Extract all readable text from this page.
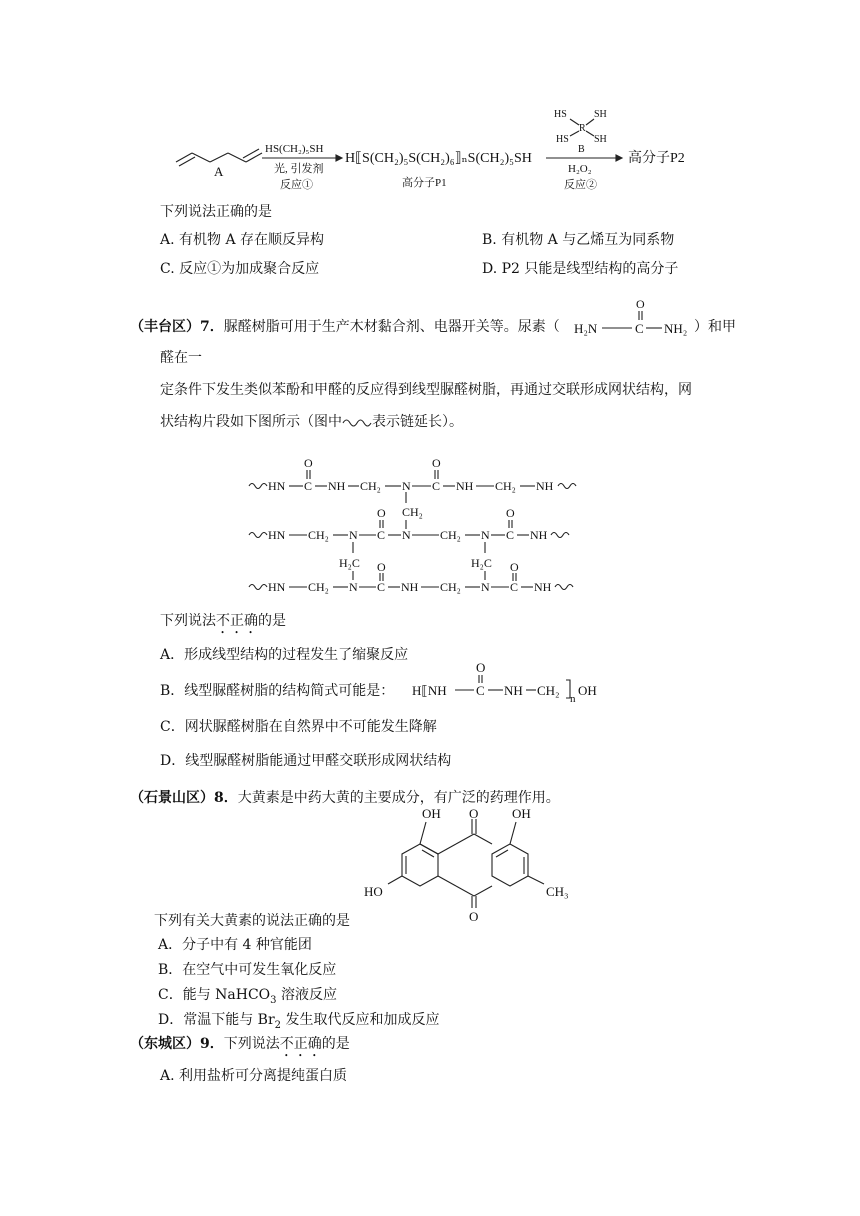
A
HS(CH₂)₅SH
光, 引发剂
反应①
H⟦S(CH₂)₅S(CH₂)₆⟧ₙS(CH₂)₅SH
高分子P1
HS	SH
R
HS	SH
B
H₂O₂
反应②
高分子P2
下列说法正确的是
A. 有机物 A 存在顺反异构	B. 有机物 A 与乙烯互为同系物
C. 反应①为加成聚合反应	D. P2 只能是线型结构的高分子
（丰台区）7．脲醛树脂可用于生产木材黏合剂、电器开关等。尿素（
O
H₂N	C NH₂ ）和甲
醛在一
定条件下发生类似苯酚和甲醛的反应得到线型脲醛树脂，再通过交联形成网状结构，网
状结构片段如下图所示（图中 表示链延长）。
HN
O
C NH CH₂ N
O
C NH CH₂ NH
CH₂
HN CH₂ N
O
C N CH₂ N
O
C NH
H₂C	H₂C
HN CH₂ N
O
C NH CH₂ N
O
C NH
下列说法不正确的是
A．形成线型结构的过程发生了缩聚反应
B．线型脲醛树脂的结构简式可能是： H⟦NH
O
C NH CH₂
n
OH
C．网状脲醛树脂在自然界中不可能发生降解
D．线型脲醛树脂能通过甲醛交联形成网状结构
（石景山区）8．大黄素是中药大黄的主要成分，有广泛的药理作用。
O
O
OH	OH
HO	CH₃
下列有关大黄素的说法正确的是
A．分子中有 4 种官能团
B．在空气中可发生氧化反应
C．能与 NaHCO$_3$ 溶液反应
D．常温下能与 $Br_2$ 发生取代反应和加成反应
（东城区）9．下列说法不正确的是
A. 利用盐析可分离提纯蛋白质
